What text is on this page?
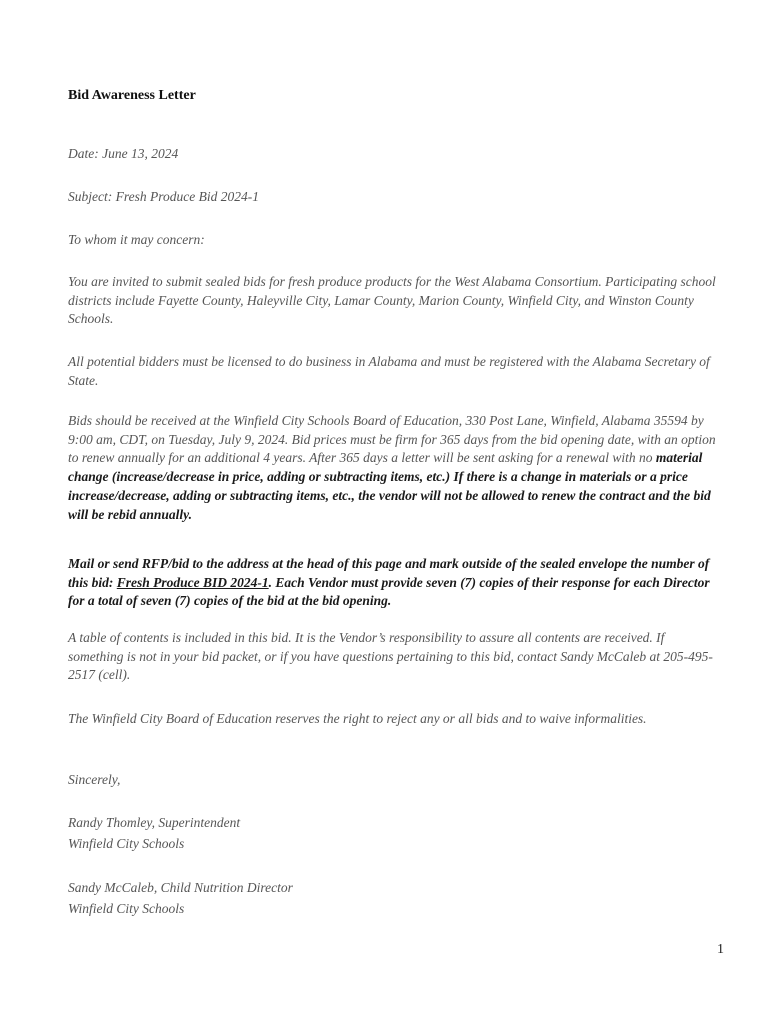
Bid Awareness Letter
Date: June 13, 2024
Subject: Fresh Produce Bid 2024-1
To whom it may concern:
You are invited to submit sealed bids for fresh produce products for the West Alabama Consortium. Participating school districts include Fayette County, Haleyville City, Lamar County, Marion County, Winfield City, and Winston County Schools.
All potential bidders must be licensed to do business in Alabama and must be registered with the Alabama Secretary of State.
Bids should be received at the Winfield City Schools Board of Education, 330 Post Lane, Winfield, Alabama 35594 by 9:00 am, CDT, on Tuesday, July 9, 2024. Bid prices must be firm for 365 days from the bid opening date, with an option to renew annually for an additional 4 years. After 365 days a letter will be sent asking for a renewal with no material change (increase/decrease in price, adding or subtracting items, etc.) If there is a change in materials or a price increase/decrease, adding or subtracting items, etc., the vendor will not be allowed to renew the contract and the bid will be rebid annually.
Mail or send RFP/bid to the address at the head of this page and mark outside of the sealed envelope the number of this bid: Fresh Produce BID 2024-1. Each Vendor must provide seven (7) copies of their response for each Director for a total of seven (7) copies of the bid at the bid opening.
A table of contents is included in this bid. It is the Vendor’s responsibility to assure all contents are received. If something is not in your bid packet, or if you have questions pertaining to this bid, contact Sandy McCaleb at 205-495-2517 (cell).
The Winfield City Board of Education reserves the right to reject any or all bids and to waive informalities.
Sincerely,
Randy Thomley, Superintendent
Winfield City Schools
Sandy McCaleb, Child Nutrition Director
Winfield City Schools
1
